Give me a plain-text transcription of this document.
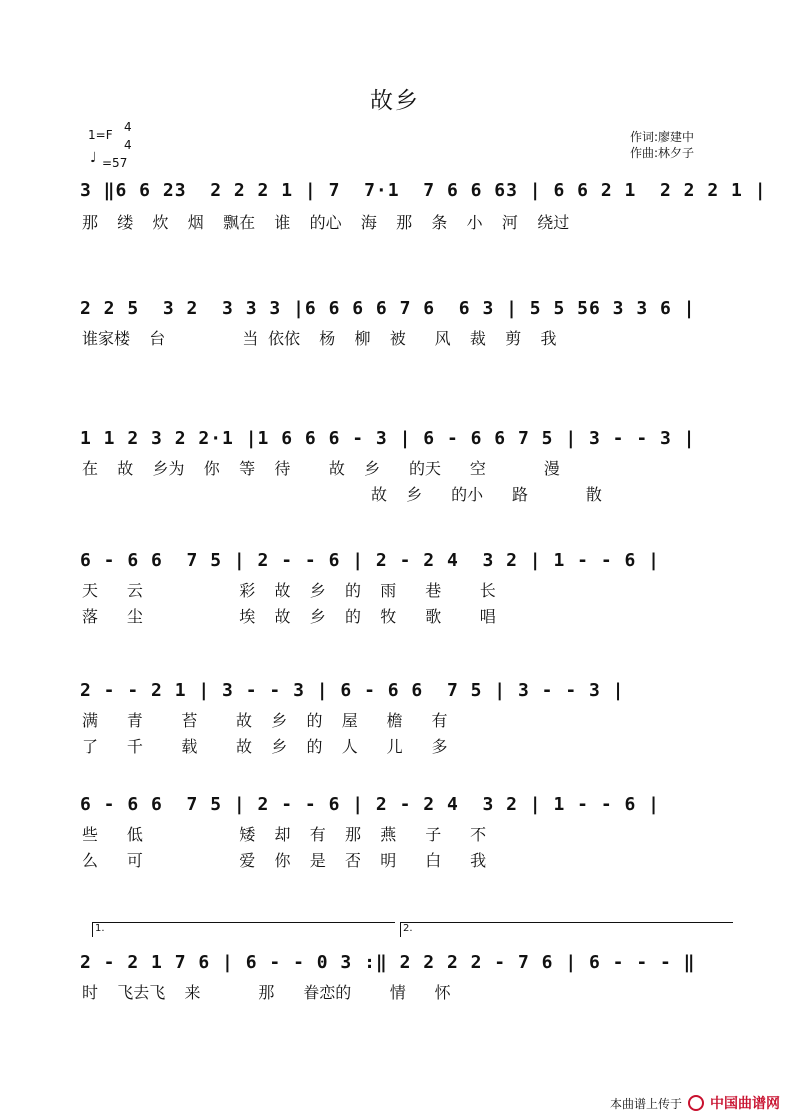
故乡
1=F
4
4
♩ =57
作词:廖建中
作曲:林夕子
3 ‖6 6 23  2 2 2 1 | 7  7·1  7 6 6 63 | 6 6 2 1  2 2 2 1 |
那  缕  炊  烟  飘在  谁  的心  海  那  条  小  河  绕过
2 2 5  3 2  3 3 3 |6 6 6 6 7 6  6 3 | 5 5 56 3 3 6 |
谁家楼  台        当 依依  杨  柳  被   风  裁  剪  我
1 1 2 3 2 2·1 |1 6 6 6 - 3 | 6 - 6 6 7 5 | 3 - - 3 |
在  故  乡为  你  等  待    故  乡   的天   空      漫
故  乡   的小   路      散
6 - 6 6  7 5 | 2 - - 6 | 2 - 2 4  3 2 | 1 - - 6 |
天   云          彩  故  乡  的  雨   巷    长
落   尘          埃  故  乡  的  牧   歌    唱
2 - - 2 1 | 3 - - 3 | 6 - 6 6  7 5 | 3 - - 3 |
满   青    苔    故  乡  的  屋   檐   有
了   千    载    故  乡  的  人   儿   多
6 - 6 6  7 5 | 2 - - 6 | 2 - 2 4  3 2 | 1 - - 6 |
些   低          矮  却  有  那  燕   子   不
么   可          爱  你  是  否  明   白   我
1.	2.
2 - 2 1 7 6 | 6 - - 0 3 :‖ 2 2 2 2 - 7 6 | 6 - - - ‖
时  飞去飞  来      那   眷恋的    情   怀
本曲谱上传于 中国曲谱网
